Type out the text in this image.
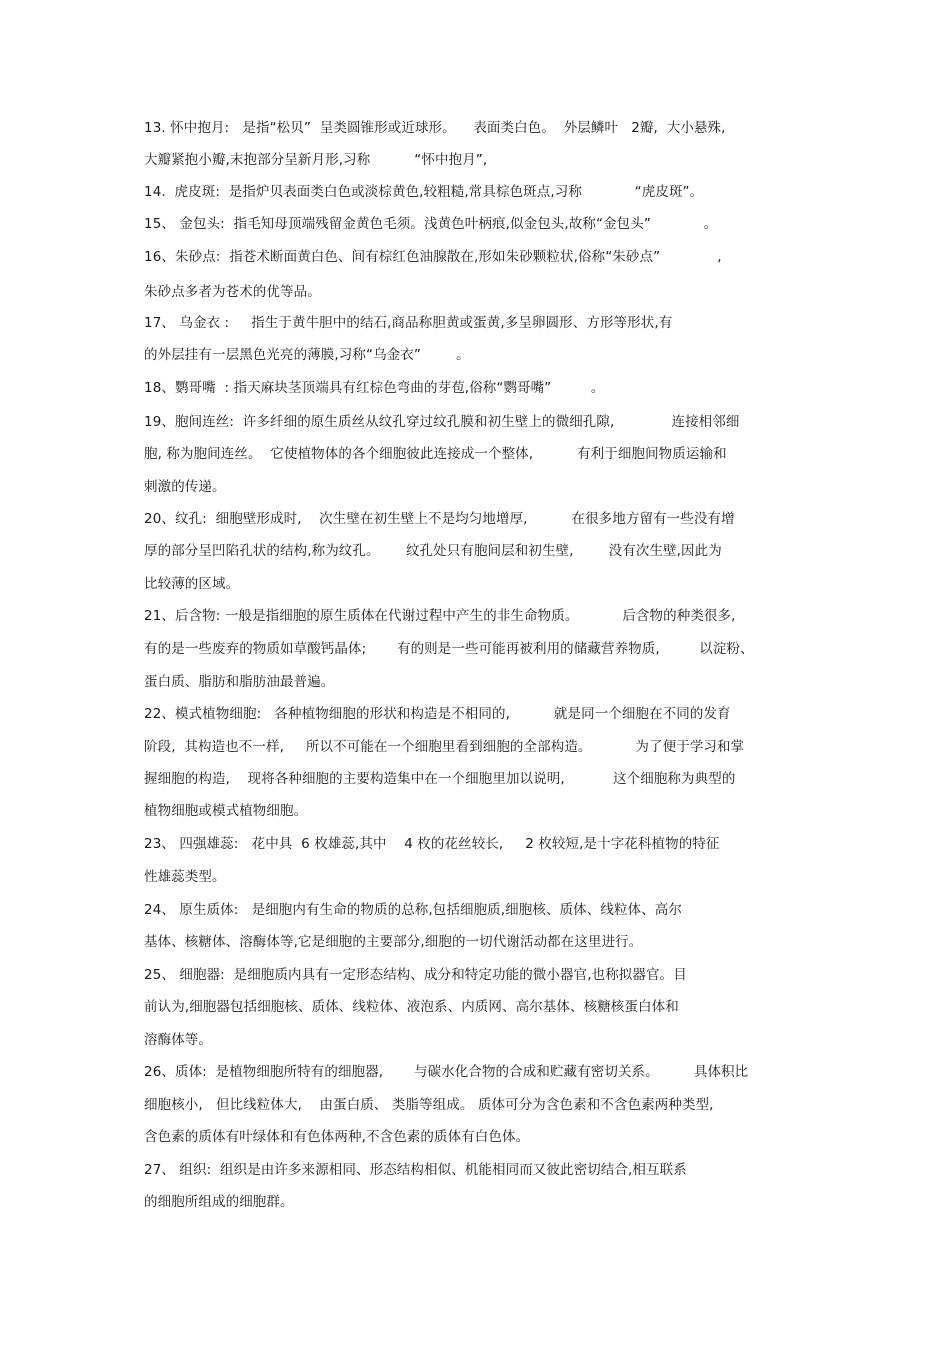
13. 怀中抱月:   是指“松贝”  呈类圆锥形或近球形。    表面类白色。  外层鳞叶   2瓣,  大小悬殊,
大瓣紧抱小瓣,末抱部分呈新月形,习称          “怀中抱月”,
14.  虎皮斑:  是指炉贝表面类白色或淡棕黄色,较粗糙,常具棕色斑点,习称            “虎皮斑”。
15、 金包头:  指毛知母顶端残留金黄色毛须。浅黄色叶柄痕,似金包头,故称“金包头”            。
16、朱砂点:  指苍术断面黄白色、间有棕红色油腺散在,形如朱砂颗粒状,俗称“朱砂点”             ,
朱砂点多者为苍术的优等品。
17、 乌金衣 :     指生于黄牛胆中的结石,商品称胆黄或蛋黄,多呈卵圆形、方形等形状,有
的外层挂有一层黑色光亮的薄膜,习称“乌金衣”        。
18、鹦哥嘴  : 指天麻块茎顶端具有红棕色弯曲的芽苞,俗称“鹦哥嘴”         。
19、胞间连丝:  许多纤细的原生质丝从纹孔穿过纹孔膜和初生壁上的微细孔隙,             连接相邻细
胞, 称为胞间连丝。  它使植物体的各个细胞彼此连接成一个整体,          有利于细胞间物质运输和
刺激的传递。
20、纹孔:  细胞壁形成时,    次生壁在初生壁上不是均匀地增厚,          在很多地方留有一些没有增
厚的部分呈凹陷孔状的结构,称为纹孔。      纹孔处只有胞间层和初生壁,        没有次生壁,因此为
比较薄的区域。
21、后含物: 一般是指细胞的原生质体在代谢过程中产生的非生命物质。          后含物的种类很多,
有的是一些废弃的物质如草酸钙晶体;       有的则是一些可能再被利用的储藏营养物质,         以淀粉、
蛋白质、脂肪和脂肪油最普遍。
22、模式植物细胞:   各种植物细胞的形状和构造是不相同的,          就是同一个细胞在不同的发育
阶段,  其构造也不一样,     所以不可能在一个细胞里看到细胞的全部构造。          为了便于学习和掌
握细胞的构造,    现将各种细胞的主要构造集中在一个细胞里加以说明,           这个细胞称为典型的
植物细胞或模式植物细胞。
23、 四强雄蕊:   花中具  6 枚雄蕊,其中    4 枚的花丝较长,     2 枚较短,是十字花科植物的特征
性雄蕊类型。
24、 原生质体:   是细胞内有生命的物质的总称,包括细胞质,细胞核、质体、线粒体、高尔
基体、核糖体、溶酶体等,它是细胞的主要部分,细胞的一切代谢活动都在这里进行。
25、 细胞器:  是细胞质内具有一定形态结构、成分和特定功能的微小器官,也称拟器官。目
前认为,细胞器包括细胞核、质体、线粒体、液泡系、内质网、高尔基体、核糖核蛋白体和
溶酶体等。
26、质体:  是植物细胞所特有的细胞器,       与碳水化合物的合成和贮藏有密切关系。        具体积比
细胞核小,   但比线粒体大,    由蛋白质、 类脂等组成。 质体可分为含色素和不含色素两种类型,
含色素的质体有叶绿体和有色体两种,不含色素的质体有白色体。
27、 组织:  组织是由许多来源相同、形态结构相似、机能相同而又彼此密切结合,相互联系
的细胞所组成的细胞群。
